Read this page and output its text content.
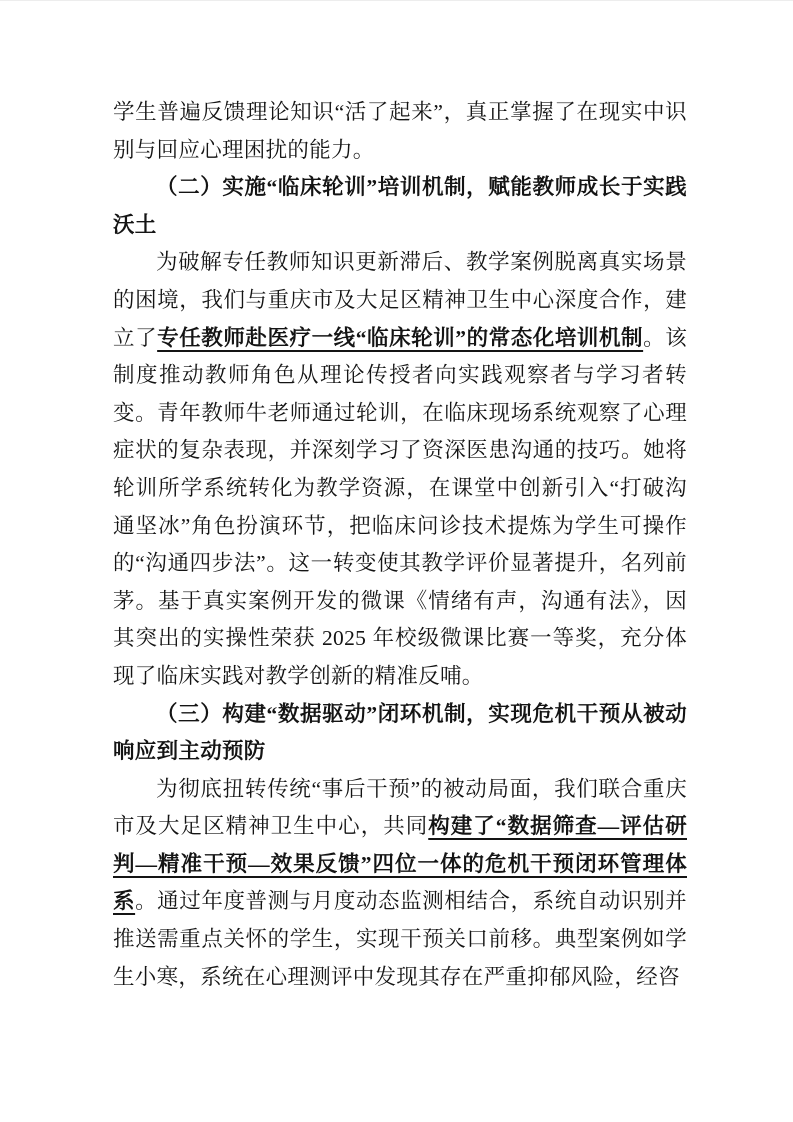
学生普遍反馈理论知识“活了起来”，真正掌握了在现实中识别与回应心理困扰的能力。

（二）实施“临床轮训”培训机制，赋能教师成长于实践沃土

为破解专任教师知识更新滞后、教学案例脱离真实场景的困境，我们与重庆市及大足区精神卫生中心深度合作，建立了专任教师赴医疗一线“临床轮训”的常态化培训机制。该制度推动教师角色从理论传授者向实践观察者与学习者转变。青年教师牛老师通过轮训，在临床现场系统观察了心理症状的复杂表现，并深刻学习了资深医患沟通的技巧。她将轮训所学系统转化为教学资源，在课堂中创新引入“打破沟通坚冰”角色扮演环节，把临床问诊技术提炼为学生可操作的“沟通四步法”。这一转变使其教学评价显著提升，名列前茅。基于真实案例开发的微课《情绪有声，沟通有法》，因其突出的实操性荣获 2025 年校级微课比赛一等奖，充分体现了临床实践对教学创新的精准反哺。

（三）构建“数据驱动”闭环机制，实现危机干预从被动响应到主动预防

为彻底扭转传统“事后干预”的被动局面，我们联合重庆市及大足区精神卫生中心，共同构建了“数据筛查—评估研判—精准干预—效果反馈”四位一体的危机干预闭环管理体系。通过年度普测与月度动态监测相结合，系统自动识别并推送需重点关怀的学生，实现干预关口前移。典型案例如学生小寒，系统在心理测评中发现其存在严重抑郁风险，经咨
